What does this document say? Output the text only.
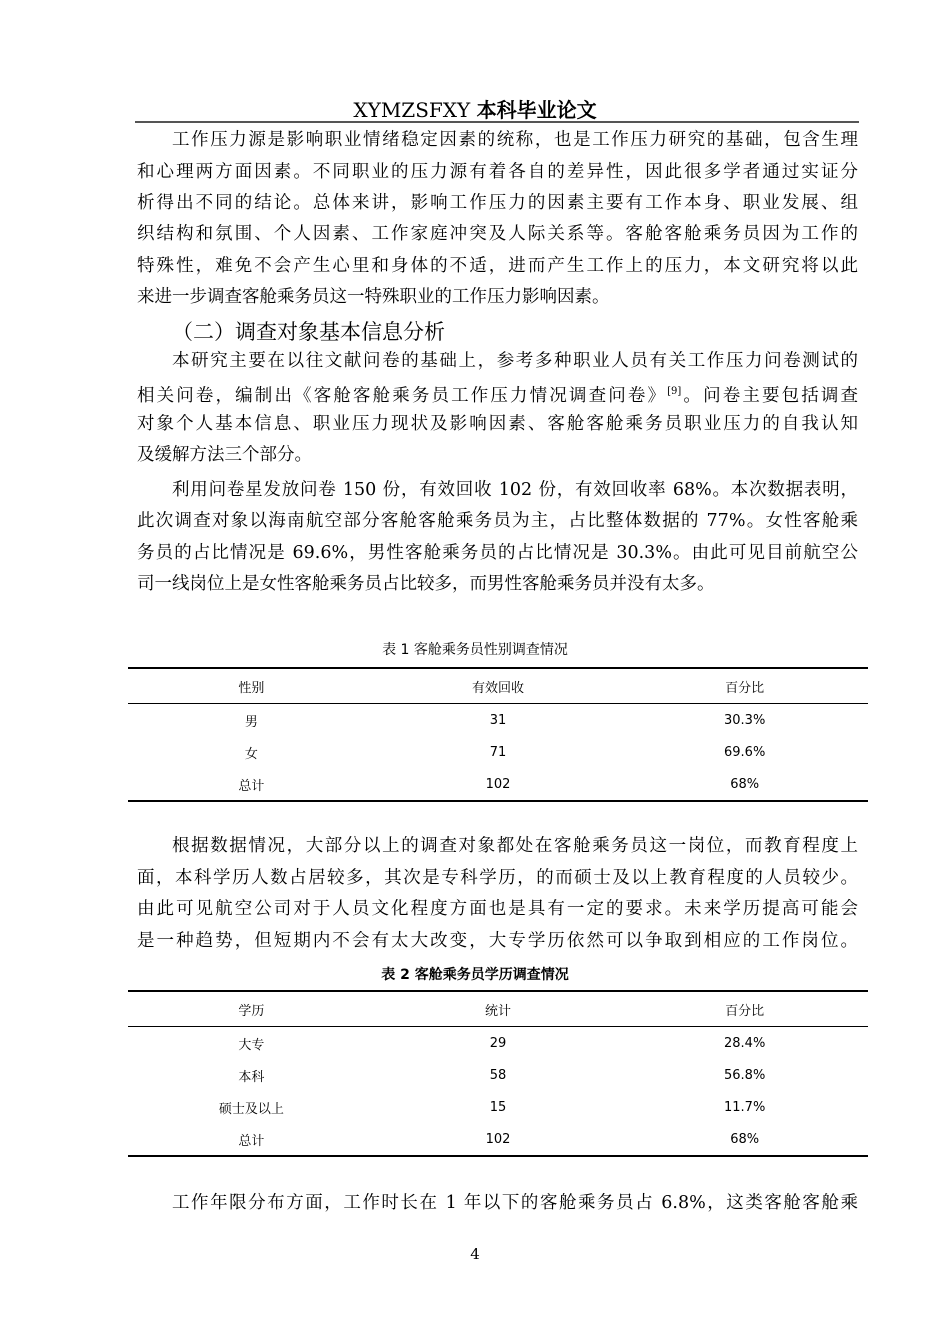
XYMZSFXY 本科毕业论文
工作压力源是影响职业情绪稳定因素的统称，也是工作压力研究的基础，包含生理
和心理两方面因素。不同职业的压力源有着各自的差异性，因此很多学者通过实证分
析得出不同的结论。总体来讲，影响工作压力的因素主要有工作本身、职业发展、组
织结构和氛围、个人因素、工作家庭冲突及人际关系等。客舱客舱乘务员因为工作的
特殊性，难免不会产生心里和身体的不适，进而产生工作上的压力，本文研究将以此
来进一步调查客舱乘务员这一特殊职业的工作压力影响因素。
（二）调查对象基本信息分析
本研究主要在以往文献问卷的基础上，参考多种职业人员有关工作压力问卷测试的
相关问卷，编制出《客舱客舱乘务员工作压力情况调查问卷》[9]。问卷主要包括调查
对象个人基本信息、职业压力现状及影响因素、客舱客舱乘务员职业压力的自我认知
及缓解方法三个部分。
利用问卷星发放问卷 150 份，有效回收 102 份，有效回收率 68%。本次数据表明，
此次调查对象以海南航空部分客舱客舱乘务员为主，占比整体数据的 77%。女性客舱乘
务员的占比情况是 69.6%，男性客舱乘务员的占比情况是 30.3%。由此可见目前航空公
司一线岗位上是女性客舱乘务员占比较多，而男性客舱乘务员并没有太多。
表 1 客舱乘务员性别调查情况
性别	有效回收	百分比
男	31	30.3%
女	71	69.6%
总计	102	68%
根据数据情况，大部分以上的调查对象都处在客舱乘务员这一岗位，而教育程度上
面，本科学历人数占居较多，其次是专科学历，的而硕士及以上教育程度的人员较少。
由此可见航空公司对于人员文化程度方面也是具有一定的要求。未来学历提高可能会
是一种趋势，但短期内不会有太大改变，大专学历依然可以争取到相应的工作岗位。
表 2 客舱乘务员学历调查情况
学历	统计	百分比
大专	29	28.4%
本科	58	56.8%
硕士及以上	15	11.7%
总计	102	68%
工作年限分布方面，工作时长在 1 年以下的客舱乘务员占 6.8%，这类客舱客舱乘
4
